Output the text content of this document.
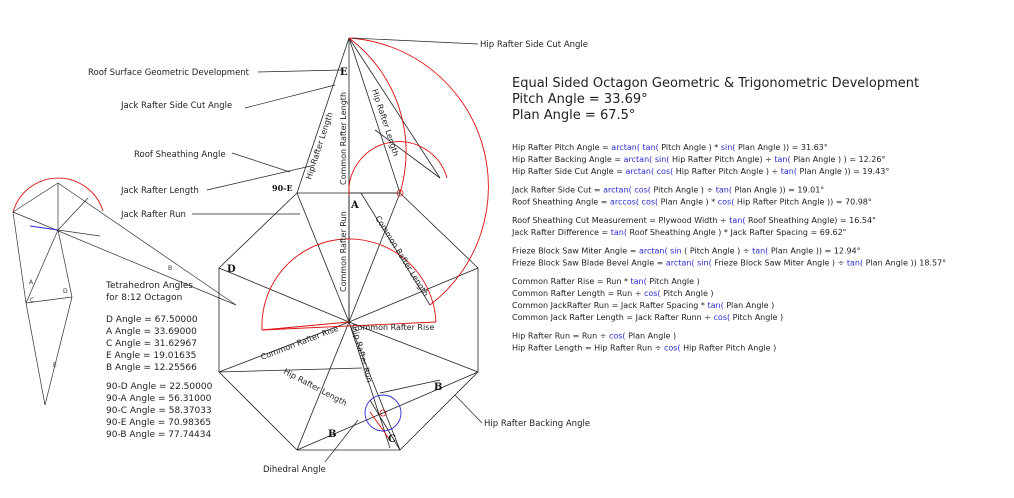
A
C
D
B
E
Tetrahedron Angles
for 8:12 Octagon
D Angle = 67.50000
A Angle = 33.69000
C Angle = 31.62967
E Angle = 19.01635
B Angle = 12.25566
90-D Angle = 22.50000
90-A Angle = 56.31000
90-C Angle = 58.37033
90-E Angle = 70.98365
90-B Angle = 77.74434
E
90-E
A
D
B
B	C
Hip Rafter Length Common Rafter Length	Hip Rafter Length
Common Rafter Run
Common Rafter Rise Common Rafter Rise
Common Rafter Length
Hip Rafter Length
Hip Rafter Run
Hip Rafter Side Cut Angle
Roof Surface Geometric Development
Jack Rafter Side Cut Angle
Roof Sheathing Angle
Jack Rafter Length
Jack Rafter Run
Hip Rafter Backing Angle
Dihedral Angle
Equal Sided Octagon Geometric & Trigonometric Development
Pitch Angle = 33.69°
Plan Angle = 67.5°
Hip Rafter Pitch Angle = arctan( tan( Pitch Angle ) * sin( Plan Angle )) = 31.63°
Hip Rafter Backing Angle = arctan( sin( Hip Rafter Pitch Angle) ÷ tan( Plan Angle ) ) = 12.26°
Hip Rafter Side Cut Angle = arctan( cos( Hip Rafter Pitch Angle ) ÷ tan( Plan Angle )) = 19.43°
Jack Rafter Side Cut = arctan( cos( Pitch Angle ) ÷ tan( Plan Angle )) = 19.01°
Roof Sheathing Angle = arccos( cos( Plan Angle ) * cos( Hip Rafter Pitch Angle )) = 70.98°
Roof Sheathing Cut Measurement = Plywood Width ÷ tan( Roof Sheathing Angle) = 16.54"
Jack Rafter Difference = tan( Roof Sheathing Angle ) * Jack Rafter Spacing = 69.62"
Frieze Block Saw Miter Angle = arctan( sin ( Pitch Angle ) ÷ tan( Plan Angle )) = 12.94°
Frieze Block Saw Blade Bevel Angle = arctan( sin( Frieze Block Saw Miter Angle ) ÷ tan( Plan Angle )) 18.57°
Common Rafter Rise = Run * tan( Pitch Angle )
Common Rafter Length = Run ÷ cos( Pitch Angle )
Common JackRafter Run = Jack Rafter Spacing * tan( Plan Angle )
Common Jack Rafter Length = Jack Rafter Runn ÷ cos( Pitch Angle )
Hip Rafter Run = Run ÷ cos( Plan Angle )
Hip Rafter Length = Hip Rafter Run ÷ cos( Hip Rafter Pitch Angle )
